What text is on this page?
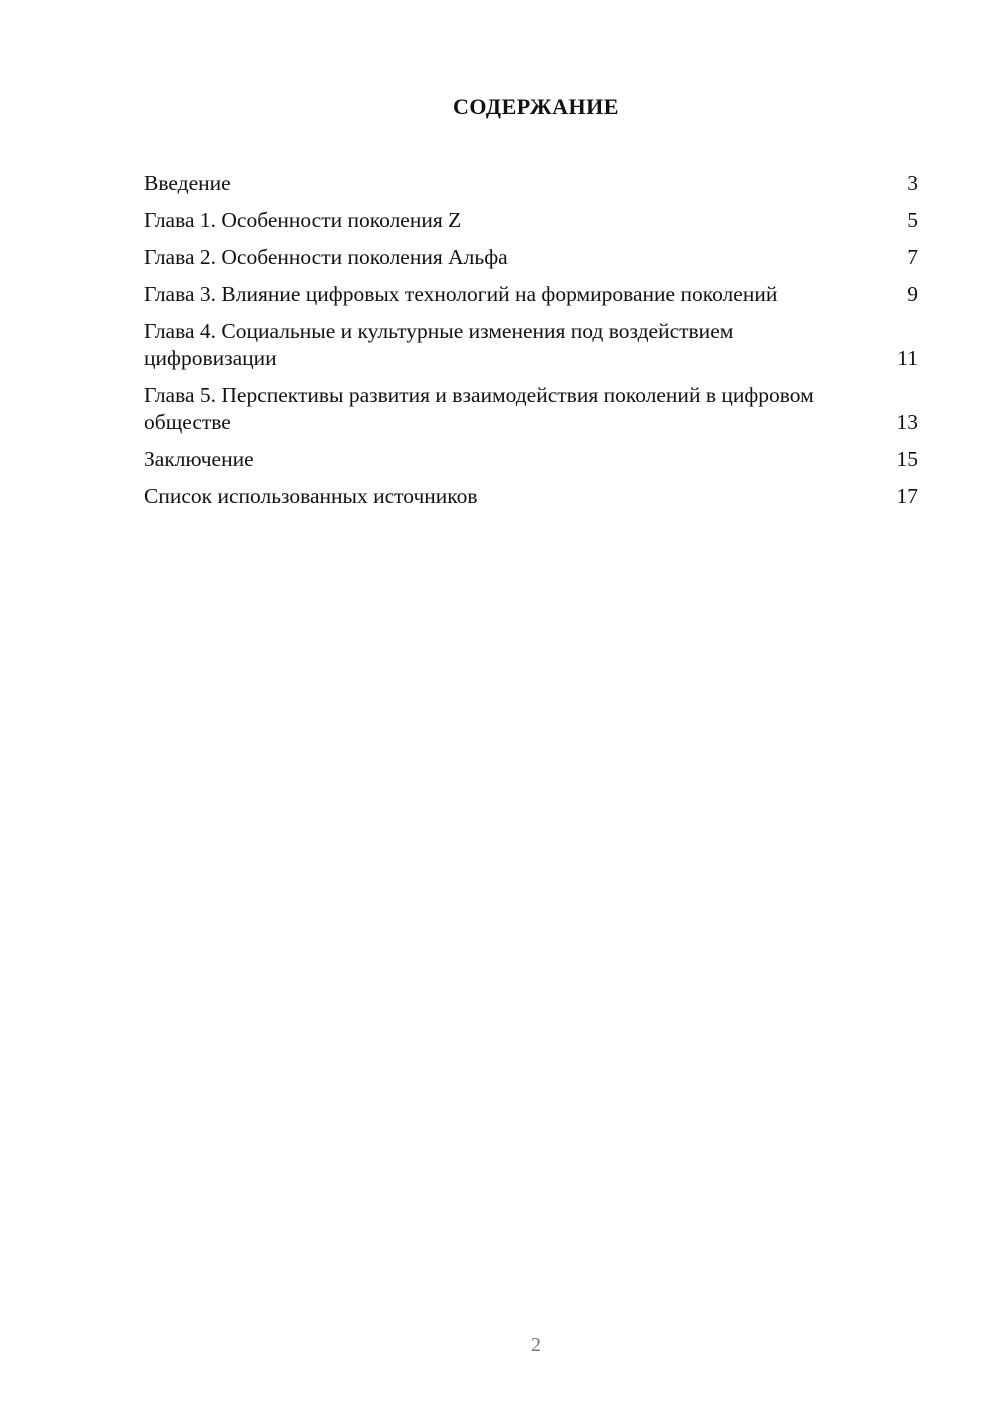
СОДЕРЖАНИЕ
Введение	3
Глава 1. Особенности поколения Z	5
Глава 2. Особенности поколения Альфа	7
Глава 3. Влияние цифровых технологий на формирование поколений	9
Глава 4. Социальные и культурные изменения под воздействием цифровизации	11
Глава 5. Перспективы развития и взаимодействия поколений в цифровом обществе	13
Заключение	15
Список использованных источников	17
2
